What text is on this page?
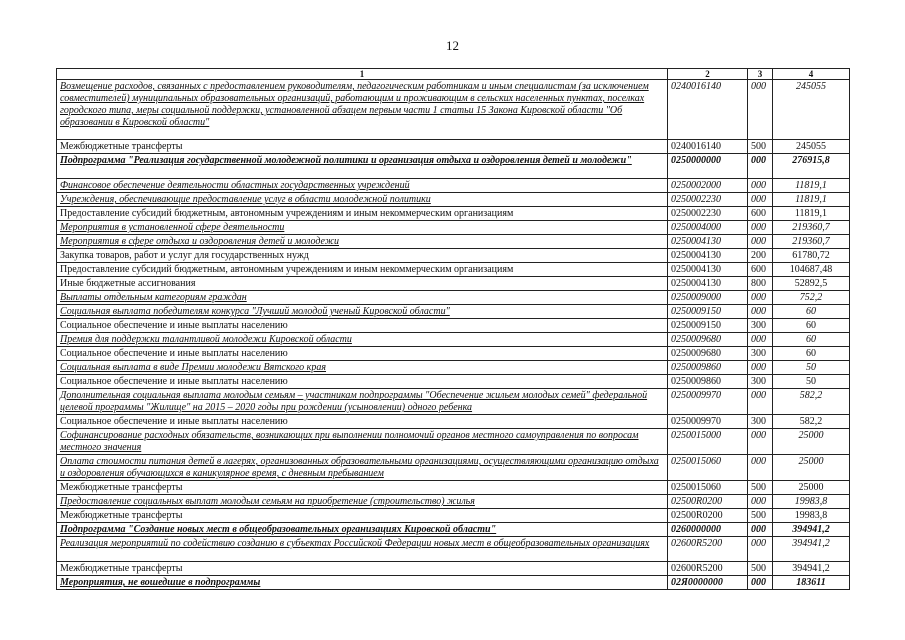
12
1	2	3	4
Возмещение расходов, связанных с предоставлением руководителям, педагогическим работникам и иным специалистам (за исключением совместителей) муниципальных образовательных организаций, работающим и проживающим в сельских населенных пунктах, поселках городского типа, меры социальной поддержки, установленной абзацем первым части 1 статьи 15 Закона Кировской области "Об образовании в Кировской области"	0240016140	000	245055
Межбюджетные трансферты	0240016140	500	245055
Подпрограмма "Реализация государственной молодежной политики и организация отдыха и оздоровления детей и молодежи"	0250000000	000	276915,8
Финансовое обеспечение деятельности областных государственных учреждений	0250002000	000	11819,1
Учреждения, обеспечивающие предоставление услуг в области молодежной политики	0250002230	000	11819,1
Предоставление субсидий бюджетным, автономным учреждениям и иным некоммерческим организациям	0250002230	600	11819,1
Мероприятия в установленной сфере деятельности	0250004000	000	219360,7
Мероприятия в сфере отдыха и оздоровления детей и молодежи	0250004130	000	219360,7
Закупка товаров, работ и услуг для государственных нужд	0250004130	200	61780,72
Предоставление субсидий бюджетным, автономным учреждениям и иным некоммерческим организациям	0250004130	600	104687,48
Иные бюджетные ассигнования	0250004130	800	52892,5
Выплаты отдельным категориям граждан	0250009000	000	752,2
Социальная выплата победителям конкурса "Лучший молодой ученый Кировской области"	0250009150	000	60
Социальное обеспечение и иные выплаты населению	0250009150	300	60
Премия для поддержки талантливой молодежи Кировской области	0250009680	000	60
Социальное обеспечение и иные выплаты населению	0250009680	300	60
Социальная выплата в виде Премии молодежи Вятского края	0250009860	000	50
Социальное обеспечение и иные выплаты населению	0250009860	300	50
Дополнительная социальная выплата молодым семьям – участникам подпрограммы "Обеспечение жильем молодых семей" федеральной целевой программы "Жилище" на 2015 – 2020 годы при рождении (усыновлении) одного ребенка	0250009970	000	582,2
Социальное обеспечение и иные выплаты населению	0250009970	300	582,2
Софинансирование расходных обязательств, возникающих при выполнении полномочий органов местного самоуправления по вопросам местного значения	0250015000	000	25000
Оплата стоимости питания детей в лагерях, организованных образовательными организациями, осуществляющими организацию отдыха и оздоровления обучающихся в каникулярное время, с дневным пребыванием	0250015060	000	25000
Межбюджетные трансферты	0250015060	500	25000
Предоставление социальных выплат молодым семьям на приобретение (строительство) жилья	02500R0200	000	19983,8
Межбюджетные трансферты	02500R0200	500	19983,8
Подпрограмма "Создание новых мест в общеобразовательных организациях Кировской области"	0260000000	000	394941,2
Реализация мероприятий по содействию созданию в субъектах Российской Федерации новых мест в общеобразовательных организациях	02600R5200	000	394941,2
Межбюджетные трансферты	02600R5200	500	394941,2
Мероприятия, не вошедшие в подпрограммы	02Я0000000	000	183611
